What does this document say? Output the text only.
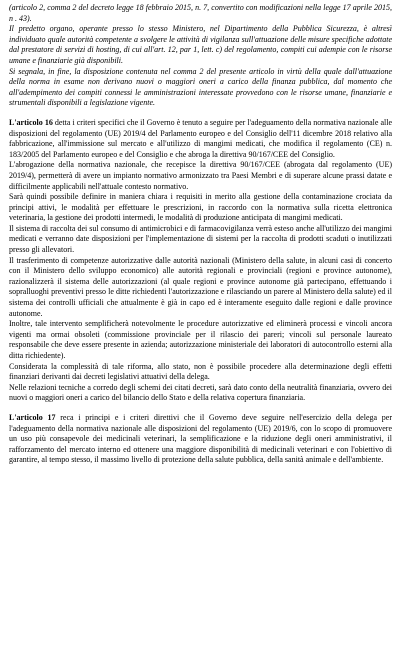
(articolo 2, comma 2 del decreto legge 18 febbraio 2015, n. 7, convertito con modificazioni nella legge 17 aprile 2015, n . 43).

Il predetto organo, operante presso lo stesso Ministero, nel Dipartimento della Pubblica Sicurezza, è altresì individuato quale autorità competente a svolgere le attività di vigilanza sull'attuazione delle misure specifiche adottate dal prestatore di servizi di hosting, di cui all'art. 12, par 1, lett. c) del regolamento, compiti cui adempie con le risorse umane e finanziarie già disponibili.

Si segnala, in fine, la disposizione contenuta nel comma 2 del presente articolo in virtù della quale dall'attuazione della norma in esame non derivano nuovi o maggiori oneri a carico della finanza pubblica, dal momento che all'adempimento dei compiti connessi le amministrazioni interessate provvedono con le risorse umane, finanziarie e strumentali disponibili a legislazione vigente.

L'articolo 16 detta i criteri specifici che il Governo è tenuto a seguire per l'adeguamento della normativa nazionale alle disposizioni del regolamento (UE) 2019/4 del Parlamento europeo e del Consiglio dell'11 dicembre 2018 relativo alla fabbricazione, all'immissione sul mercato e all'utilizzo di mangimi medicati, che modifica il regolamento (CE) n. 183/2005 del Parlamento europeo e del Consiglio e che abroga la direttiva 90/167/CEE del Consiglio.

L'abrogazione della normativa nazionale, che recepisce la direttiva 90/167/CEE (abrogata dal regolamento (UE) 2019/4), permetterà di avere un impianto normativo armonizzato tra Paesi Membri e di superare alcune prassi datate e difficilmente applicabili nell'attuale contesto normativo.

Sarà quindi possibile definire in maniera chiara i requisiti in merito alla gestione della contaminazione crociata da principi attivi, le modalità per effettuare le prescrizioni, in raccordo con la normativa sulla ricetta elettronica veterinaria, la gestione dei prodotti intermedi, le modalità di produzione anticipata di mangimi medicati.

Il sistema di raccolta dei sul consumo di antimicrobici e di farmacovigilanza verrà esteso anche all'utilizzo dei mangimi medicati e verranno date disposizioni per l'implementazione di sistemi per la raccolta di prodotti scaduti o inutilizzati presso gli allevatori.

Il trasferimento di competenze autorizzative dalle autorità nazionali (Ministero della salute, in alcuni casi di concerto con il Ministero dello sviluppo economico) alle autorità regionali e provinciali (regioni e province autonome), razionalizzerà il sistema delle autorizzazioni (al quale regioni e province autonome già partecipano, effettuando i sopralluoghi preventivi presso le ditte richiedenti l'autorizzazione e rilasciando un parere al Ministero della salute) ed il sistema dei controlli ufficiali che attualmente è già in capo ed è interamente eseguito dalle regioni e dalle province autonome.

Inoltre, tale intervento semplificherà notevolmente le procedure autorizzative ed eliminerà processi e vincoli ancora vigenti ma ormai obsoleti (commissione provinciale per il rilascio dei pareri; vincoli sul personale laureato responsabile che deve essere presente in azienda; autorizzazione ministeriale dei laboratori di autocontrollo esterni alla ditta richiedente).

Considerata la complessità di tale riforma, allo stato, non è possibile procedere alla determinazione degli effetti finanziari derivanti dai decreti legislativi attuativi della delega.

Nelle relazioni tecniche a corredo degli schemi dei citati decreti, sarà dato conto della neutralità finanziaria, ovvero dei nuovi o maggiori oneri a carico del bilancio dello Stato e della relativa copertura finanziaria.

L'articolo 17 reca i principi e i criteri direttivi che il Governo deve seguire nell'esercizio della delega per l'adeguamento della normativa nazionale alle disposizioni del regolamento (UE) 2019/6, con lo scopo di promuovere un uso più consapevole dei medicinali veterinari, la semplificazione e la riduzione degli oneri amministrativi, il rafforzamento del mercato interno ed ottenere una maggiore disponibilità di medicinali veterinari e con l'obiettivo di garantire, al tempo stesso, il massimo livello di protezione della salute pubblica, della sanità animale e dell'ambiente.
